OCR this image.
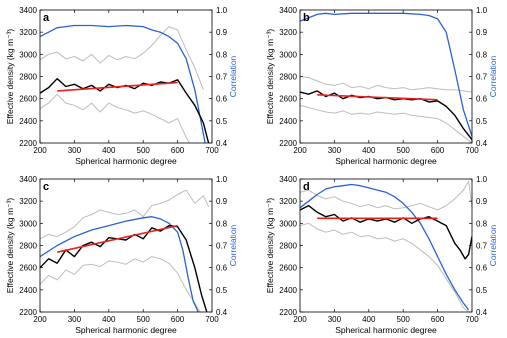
200	300	400	500	600	700
2200
2400
2600
2800
3000
3200
3400
0.4
0.5
0.6
0.7
0.8
0.9
1.0
Spherical harmonic degree
Effective density (kg m⁻³)	Correlation
a
200	300	400	500	600	700
2200
2400
2600
2800
3000
3200
3400
0.4
0.5
0.6
0.7
0.8
0.9
1.0
Spherical harmonic degree
Effective density (kg m⁻³)	Correlation
b
200	300	400	500	600	700
2200
2400
2600
2800
3000
3200
3400
0.4
0.5
0.6
0.7
0.8
0.9
1.0
Spherical harmonic degree
Effective density (kg m⁻³)	Correlation
c
200	300	400	500	600	700
2200
2400
2600
2800
3000
3200
3400
0.4
0.5
0.6
0.7
0.8
0.9
1.0
Spherical harmonic degree
Effective density (kg m⁻³)	Correlation
d
